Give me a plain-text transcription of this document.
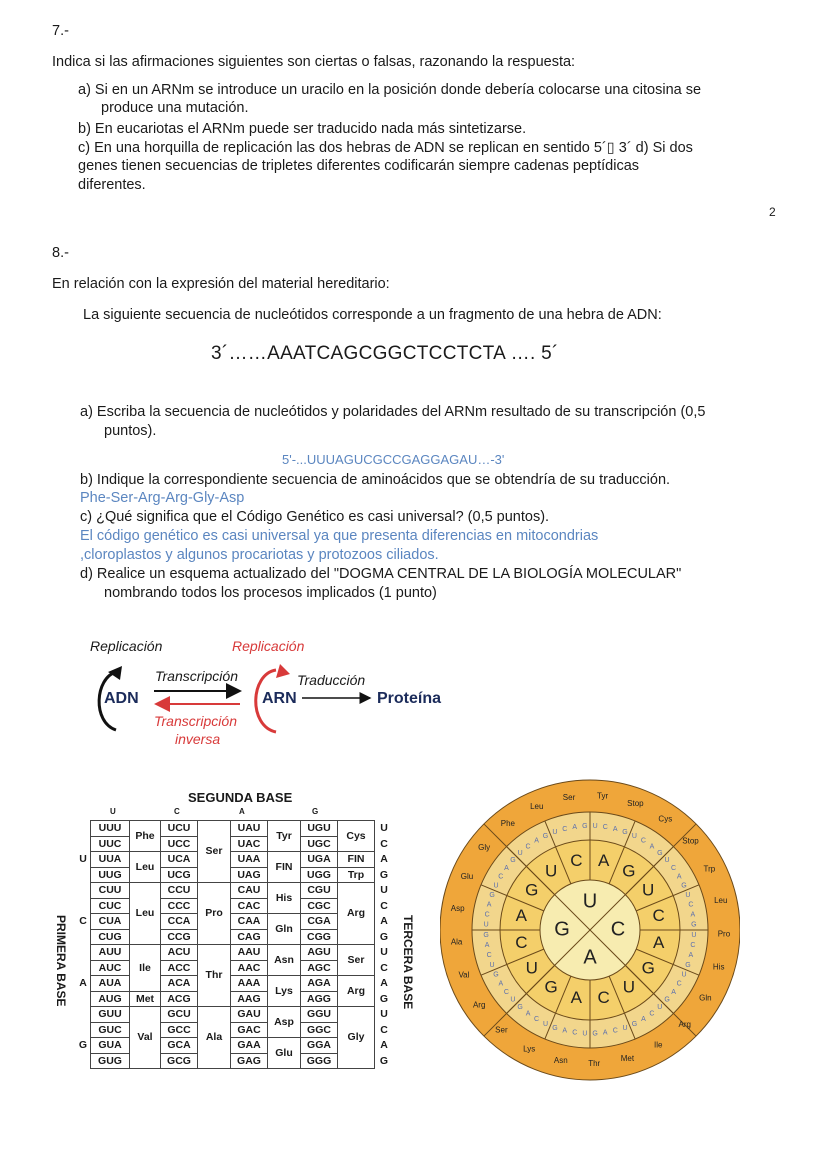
7.-
Indica si las afirmaciones siguientes son ciertas o falsas, razonando la respuesta:
a) Si en un ARNm se introduce un uracilo en la posición donde debería colocarse una citosina se
produce una mutación.
b) En eucariotas el ARNm puede ser traducido nada más sintetizarse.
c) En una horquilla de replicación las dos hebras de ADN se replican en sentido 5´▯ 3´ d) Si dos
genes tienen secuencias de tripletes diferentes codificarán siempre cadenas peptídicas
diferentes.
2
8.-
En relación con la expresión del material hereditario:
La siguiente secuencia de nucleótidos corresponde a un fragmento de una hebra de ADN:
3´……AAATCAGCGGCTCCTCTA …. 5´
a) Escriba la secuencia de nucleótidos y polaridades del ARNm resultado de su transcripción (0,5
puntos).
5'-...UUUAGUCGCCGAGGAGAU…-3'
b) Indique la correspondiente secuencia de aminoácidos que se obtendría de su traducción.
Phe-Ser-Arg-Arg-Gly-Asp
c) ¿Qué significa que el Código Genético es casi universal? (0,5 puntos).
El código genético es casi universal ya que presenta diferencias en mitocondrias
,cloroplastos y algunos procariotas y protozoos ciliados.
d) Realice un esquema actualizado del "DOGMA CENTRAL DE LA BIOLOGÍA MOLECULAR"
nombrando todos los procesos implicados (1 punto)
Replicación	Replicación
Transcripción	Traducción
ADN	ARN	Proteína
Transcripción
inversa
SEGUNDA BASE
U	C	A	G
PRIMERA BASE	TERCERA BASE
	UUU	Phe	UCU	Ser	UAU	Tyr	UGU	Cys	U
	UUC		UCC		UAC		UGC		C
U	UUA	Leu	UCA		UAA	FIN	UGA	FIN	A
	UUG		UCG		UAG		UGG	Trp	G
	CUU	Leu	CCU	Pro	CAU	His	CGU	Arg	U
	CUC		CCC		CAC		CGC		C
C	CUA		CCA		CAA	Gln	CGA		A
	CUG		CCG		CAG		CGG		G
	AUU	Ile	ACU	Thr	AAU	Asn	AGU	Ser	U
	AUC		ACC		AAC		AGC		C
A	AUA		ACA		AAA	Lys	AGA	Arg	A
	AUG	Met	ACG		AAG		AGG		G
	GUU	Val	GCU	Ala	GAU	Asp	GGU	Gly	U
	GUC		GCC		GAC		GGC		C
G	GUA		GCA		GAA	Glu	GGA		A
	GUG		GCG		GAG		GGG		G
U
C
A
G
U
C A
G
U
C
A
G
U
C
A
G
U
C
A
G
U
C
A
G
U C A G U C A G
U
C
A
G
U
C
A
G
U
C
A
G
U
C
A
G
U
C
A
G
U
C
A
G
U
C
A
G
U
C
A
G
U
C
A
G
U
C
A
G
U
C
A
G
U
C
A
G
U
C
A
G
Phe
Leu
Ser	Tyr
Stop
Cys
Stop
Trp
Leu
Pro
His
Gln
Arg
Ile
Met
Thr
Asn
Lys
Ser
Arg
Val
Ala
Asp
Glu
Gly
